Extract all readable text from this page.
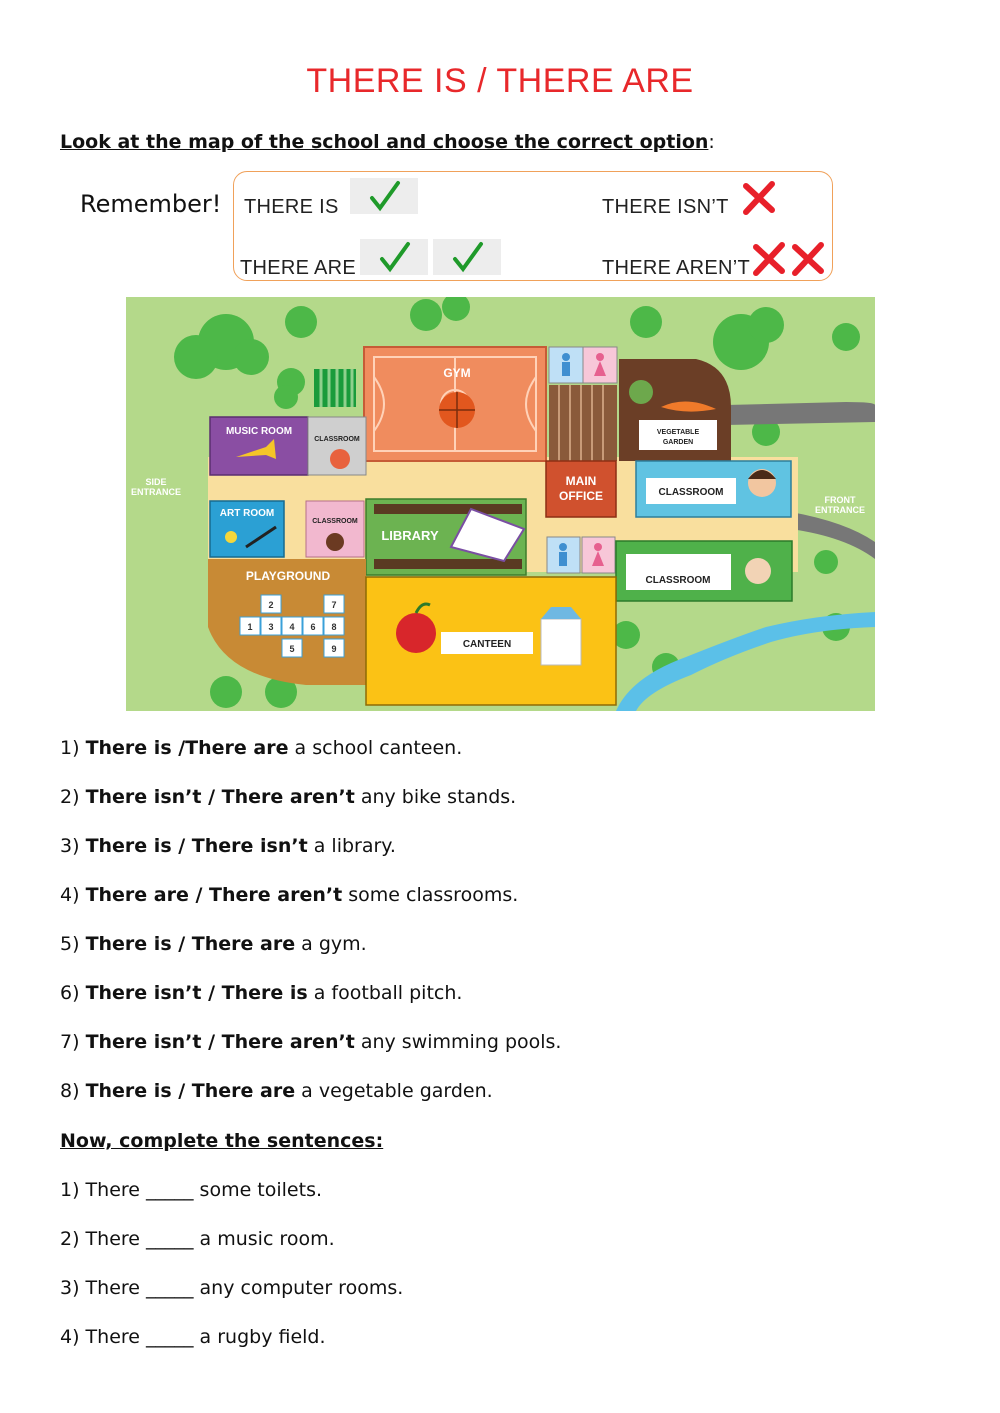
THERE IS / THERE ARE
Look at the map of the school and choose the correct option:
Remember! THERE IS	THERE ISN’T
THERE ARE	THERE AREN’T
GYM
VEGETABLE
GARDEN
MUSIC ROOM
CLASSROOM
ART ROOM
CLASSROOM
LIBRARY
MAIN
OFFICE	CLASSROOM
CLASSROOM
PLAYGROUND
2	7
1 3 4 6 8
5	9	CANTEEN
SIDE
ENTRANCE
FRONT
ENTRANCE
1) There is /There are a school canteen.
2) There isn’t / There aren’t any bike stands.
3) There is / There isn’t a library.
4) There are / There aren’t some classrooms.
5) There is / There are a gym.
6) There isn’t / There is a football pitch.
7) There isn’t / There aren’t any swimming pools.
8) There is / There are a vegetable garden.
Now, complete the sentences:
1) There _____ some toilets.
2) There _____ a music room.
3) There _____ any computer rooms.
4) There _____ a rugby field.
